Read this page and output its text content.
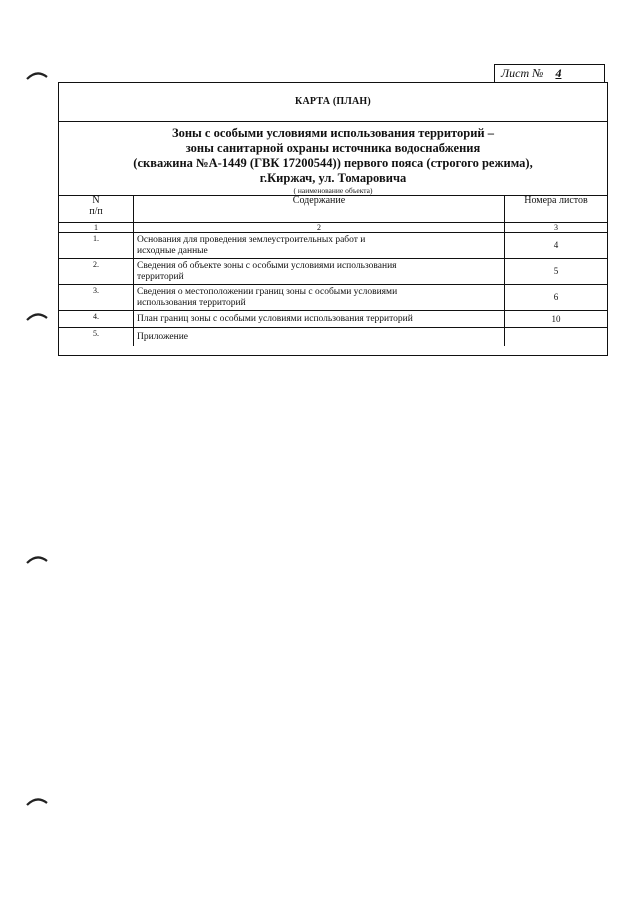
Лист № 4
КАРТА (ПЛАН)
Зоны с особыми условиями использования территорий –
зоны санитарной охраны источника водоснабжения
(скважина №А-1449 (ГВК 17200544)) первого пояса (строгого режима),
г.Киржач, ул. Томаровича
( наименование объекта)
N
п/п	Содержание	Номера листов
1	2	3
1.	Основания для проведения землеустроительных работ и
исходные данные	4
2.	Сведения об объекте зоны с особыми условиями использования
территорий	5
3.	Сведения о местоположении границ зоны с особыми условиями
использования территорий	6
4.	План границ зоны с особыми условиями использования территорий	10
5.	Приложение	
